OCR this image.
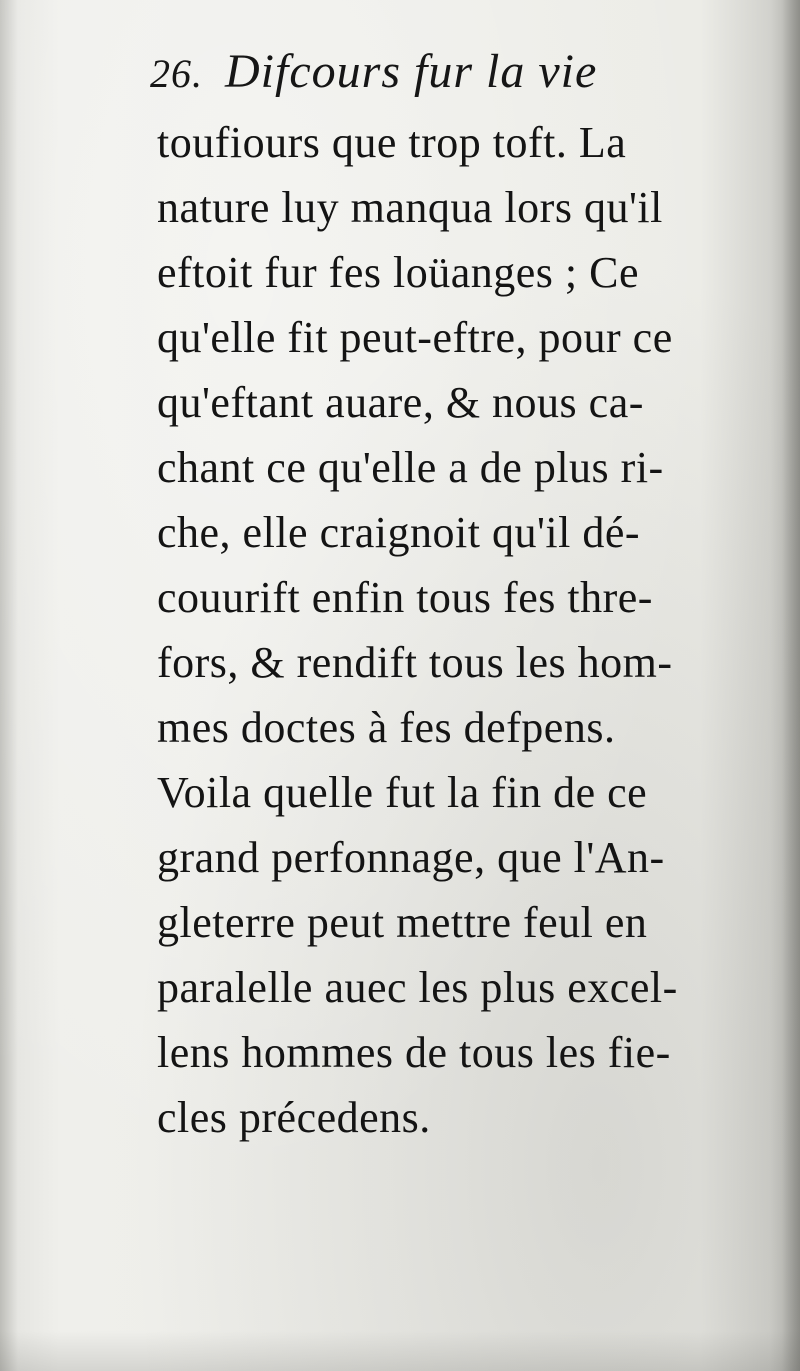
26. Difcours fur la vie
toufiours que trop toft. La
nature luy manqua lors qu'il
eftoit fur fes loüanges ; Ce
qu'elle fit peut-eftre, pour ce
qu'eftant auare, & nous ca-
chant ce qu'elle a de plus ri-
che, elle craignoit qu'il dé-
couurift enfin tous fes thre-
fors, & rendift tous les hom-
mes doctes à fes defpens.
Voila quelle fut la fin de ce
grand perfonnage, que l'An-
gleterre peut mettre feul en
paralelle auec les plus excel-
lens hommes de tous les fie-
cles précedens.
